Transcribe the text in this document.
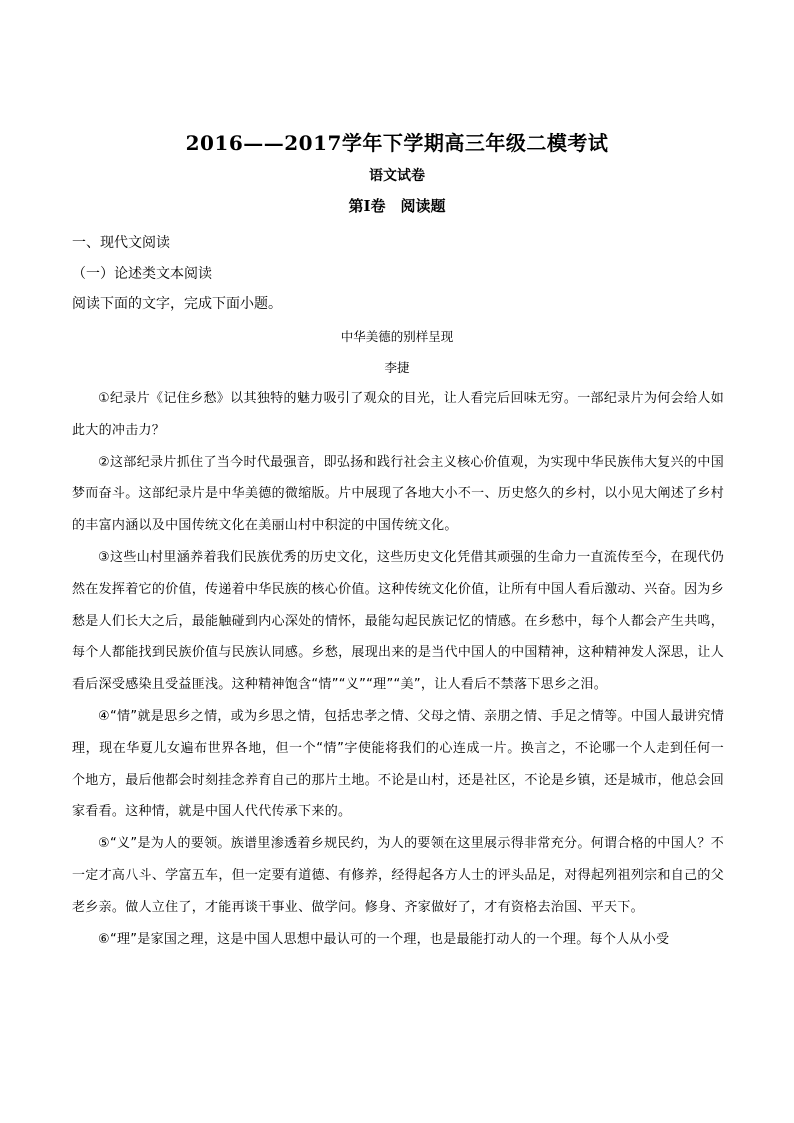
2016——2017学年下学期高三年级二模考试
语文试卷
第Ⅰ卷　阅读题
一、现代文阅读
（一）论述类文本阅读
阅读下面的文字，完成下面小题。
中华美德的别样呈现
李捷

①纪录片《记住乡愁》以其独特的魅力吸引了观众的目光，让人看完后回味无穷。一部纪录片为何会给人如此大的冲击力？

②这部纪录片抓住了当今时代最强音，即弘扬和践行社会主义核心价值观，为实现中华民族伟大复兴的中国梦而奋斗。这部纪录片是中华美德的微缩版。片中展现了各地大小不一、历史悠久的乡村，以小见大阐述了乡村的丰富内涵以及中国传统文化在美丽山村中积淀的中国传统文化。

③这些山村里涵养着我们民族优秀的历史文化，这些历史文化凭借其顽强的生命力一直流传至今，在现代仍然在发挥着它的价值，传递着中华民族的核心价值。这种传统文化价值，让所有中国人看后激动、兴奋。因为乡愁是人们长大之后，最能触碰到内心深处的情怀，最能勾起民族记忆的情感。在乡愁中，每个人都会产生共鸣，每个人都能找到民族价值与民族认同感。乡愁，展现出来的是当代中国人的中国精神，这种精神发人深思，让人看后深受感染且受益匪浅。这种精神饱含“情”“义”“理”“美”，让人看后不禁落下思乡之泪。

④“情”就是思乡之情，或为乡思之情，包括忠孝之情、父母之情、亲朋之情、手足之情等。中国人最讲究情理，现在华夏儿女遍布世界各地，但一个“情”字使能将我们的心连成一片。换言之，不论哪一个人走到任何一个地方，最后他都会时刻挂念养育自己的那片土地。不论是山村，还是社区，不论是乡镇，还是城市，他总会回家看看。这种情，就是中国人代代传承下来的。

⑤“义”是为人的要领。族谱里渗透着乡规民约，为人的要领在这里展示得非常充分。何谓合格的中国人？不一定才高八斗、学富五车，但一定要有道德、有修养，经得起各方人士的评头品足，对得起列祖列宗和自己的父老乡亲。做人立住了，才能再谈干事业、做学问。修身、齐家做好了，才有资格去治国、平天下。

⑥“理”是家国之理，这是中国人思想中最认可的一个理，也是最能打动人的一个理。每个人从小受
